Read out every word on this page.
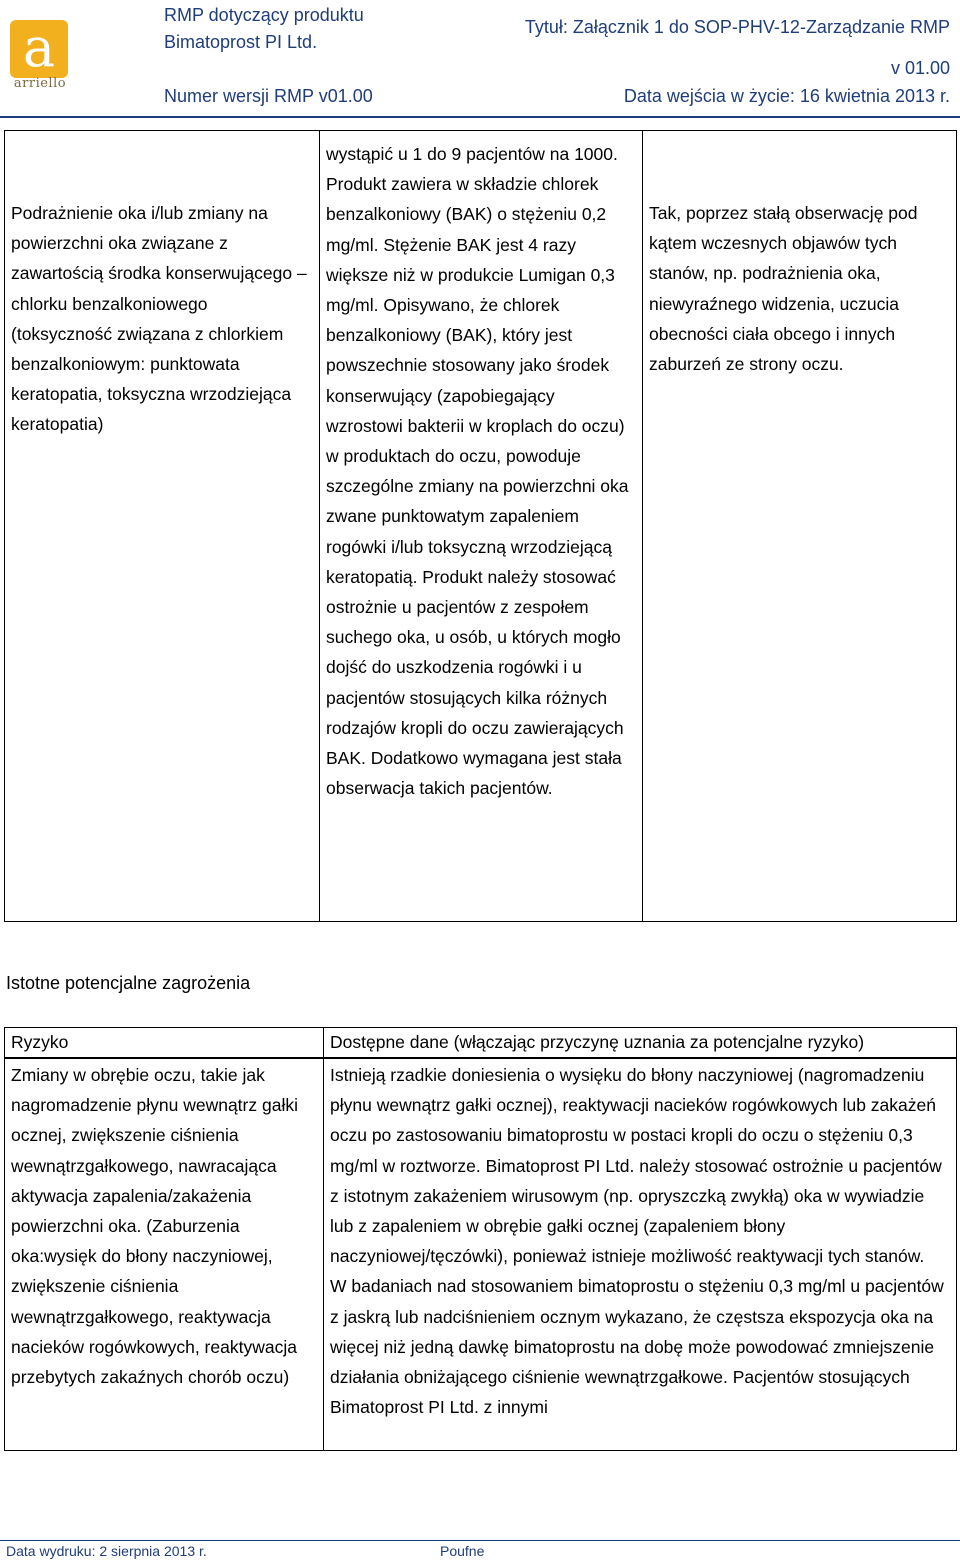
a
arriello
RMP dotyczący produktu
Bimatoprost PI Ltd.
Tytuł: Załącznik 1 do SOP-PHV-12-Zarządzanie RMP
v 01.00
Numer wersji RMP v01.00	Data wejścia w życie: 16 kwietnia 2013 r.

Podrażnienie oka i/lub zmiany na powierzchni oka związane z zawartością środka konserwującego – chlorku benzalkoniowego (toksyczność związana z chlorkiem benzalkoniowym: punktowata keratopatia, toksyczna wrzodziejąca keratopatia)

wystąpić u 1 do 9 pacjentów na 1000. Produkt zawiera w składzie chlorek benzalkoniowy (BAK) o stężeniu 0,2 mg/ml. Stężenie BAK jest 4 razy większe niż w produkcie Lumigan 0,3 mg/ml. Opisywano, że chlorek benzalkoniowy (BAK), który jest powszechnie stosowany jako środek konserwujący (zapobiegający wzrostowi bakterii w kroplach do oczu) w produktach do oczu, powoduje szczególne zmiany na powierzchni oka zwane punktowatym zapaleniem rogówki i/lub toksyczną wrzodziejącą keratopatią. Produkt należy stosować ostrożnie u pacjentów z zespołem suchego oka, u osób, u których mogło dojść do uszkodzenia rogówki i u pacjentów stosujących kilka różnych rodzajów kropli do oczu zawierających BAK. Dodatkowo wymagana jest stała obserwacja takich pacjentów.

Tak, poprzez stałą obserwację pod kątem wczesnych objawów tych stanów, np. podrażnienia oka, niewyraźnego widzenia, uczucia obecności ciała obcego i innych zaburzeń ze strony oczu.

Istotne potencjalne zagrożenia
Ryzyko

Zmiany w obrębie oczu, takie jak nagromadzenie płynu wewnątrz gałki ocznej, zwiększenie ciśnienia wewnątrzgałkowego, nawracająca aktywacja zapalenia/zakażenia powierzchni oka. (Zaburzenia oka:wysięk do błony naczyniowej, zwiększenie ciśnienia wewnątrzgałkowego, reaktywacja nacieków rogówkowych, reaktywacja przebytych zakaźnych chorób oczu)

Dostępne dane (włączając przyczynę uznania za potencjalne ryzyko)

Istnieją rzadkie doniesienia o wysięku do błony naczyniowej (nagromadzeniu płynu wewnątrz gałki ocznej), reaktywacji nacieków rogówkowych lub zakażeń oczu po zastosowaniu bimatoprostu w postaci kropli do oczu o stężeniu 0,3 mg/ml w roztworze. Bimatoprost PI Ltd. należy stosować ostrożnie u pacjentów z istotnym zakażeniem wirusowym (np. opryszczką zwykłą) oka w wywiadzie lub z zapaleniem w obrębie gałki ocznej (zapaleniem błony naczyniowej/tęczówki), ponieważ istnieje możliwość reaktywacji tych stanów.

W badaniach nad stosowaniem bimatoprostu o stężeniu 0,3 mg/ml u pacjentów z jaskrą lub nadciśnieniem ocznym wykazano, że częstsza ekspozycja oka na więcej niż jedną dawkę bimatoprostu na dobę może powodować zmniejszenie działania obniżającego ciśnienie wewnątrzgałkowe. Pacjentów stosujących Bimatoprost PI Ltd. z innymi

Data wydruku: 2 sierpnia 2013 r.	Poufne
